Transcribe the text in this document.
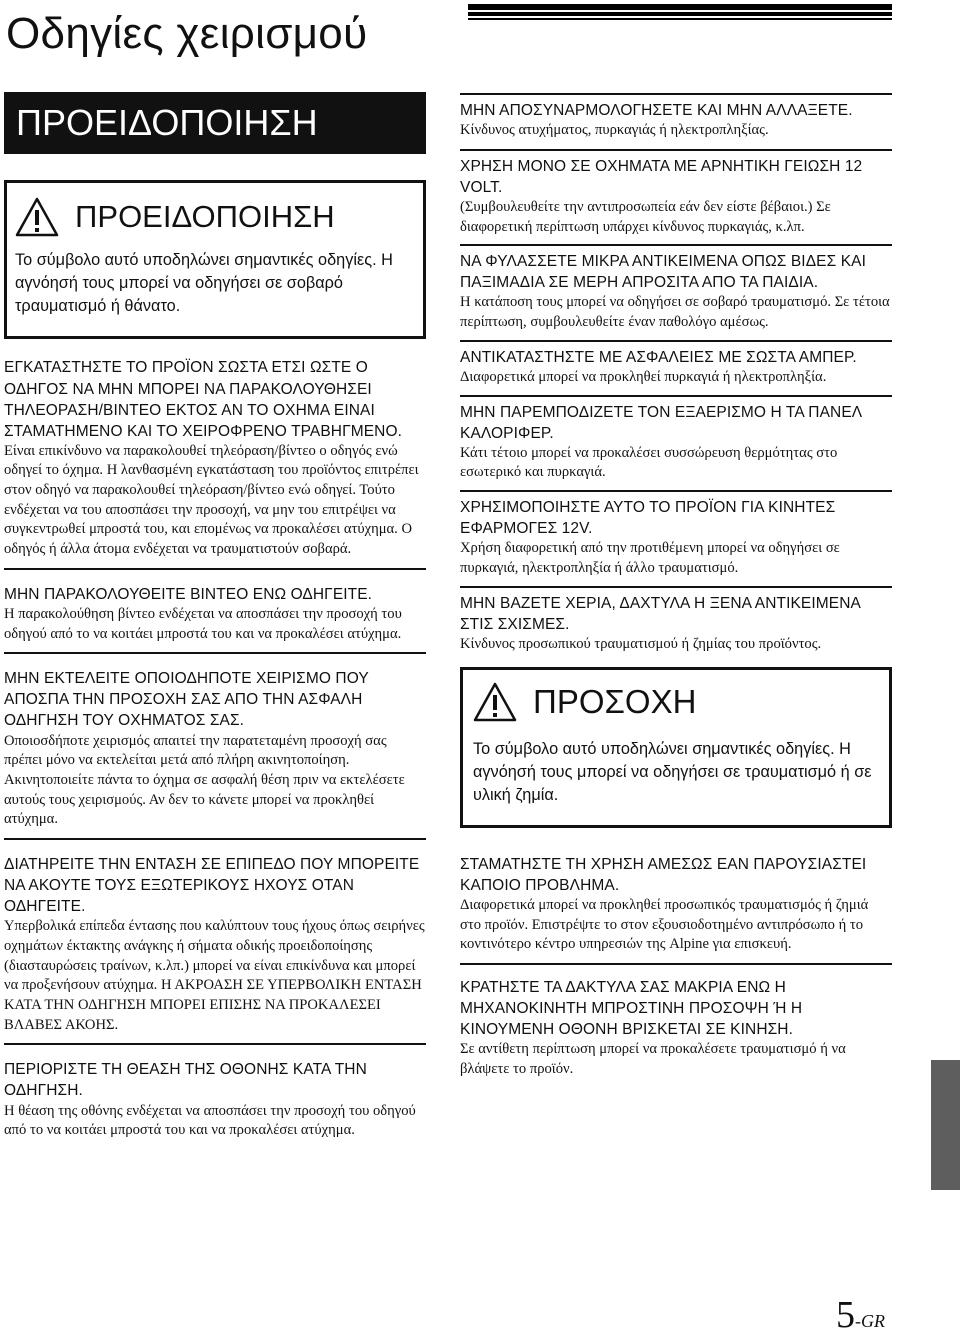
Οδηγίες χειρισμού
ΠΡΟΕΙΔΟΠΟΙΗΣΗ
ΠΡΟΕΙΔΟΠΟΙΗΣΗ
Το σύμβολο αυτό υποδηλώνει σημαντικές οδηγίες. Η αγνόησή τους μπορεί να οδηγήσει σε σοβαρό τραυματισμό ή θάνατο.
ΕΓΚΑΤΑΣΤΗΣΤΕ ΤΟ ΠΡΟΪΟΝ ΣΩΣΤΑ ΕΤΣΙ ΩΣΤΕ Ο ΟΔΗΓΟΣ ΝΑ ΜΗΝ ΜΠΟΡΕΙ ΝΑ ΠΑΡΑΚΟΛΟΥΘΗΣΕΙ ΤΗΛΕΟΡΑΣΗ/ΒΙΝΤΕΟ ΕΚΤΟΣ ΑΝ ΤΟ ΟΧΗΜΑ ΕΙΝΑΙ ΣΤΑΜΑΤΗΜΕΝΟ ΚΑΙ ΤΟ ΧΕΙΡΟΦΡΕΝΟ ΤΡΑΒΗΓΜΕΝΟ.
Είναι επικίνδυνο να παρακολουθεί τηλεόραση/βίντεο ο οδηγός ενώ οδηγεί το όχημα. Η λανθασμένη εγκατάσταση του προϊόντος επιτρέπει στον οδηγό να παρακολουθεί τηλεόραση/βίντεο ενώ οδηγεί. Τούτο ενδέχεται να του αποσπάσει την προσοχή, να μην του επιτρέψει να συγκεντρωθεί μπροστά του, και επομένως να προκαλέσει ατύχημα. Ο οδηγός ή άλλα άτομα ενδέχεται να τραυματιστούν σοβαρά.
ΜΗΝ ΠΑΡΑΚΟΛΟΥΘΕΙΤΕ ΒΙΝΤΕΟ ΕΝΩ ΟΔΗΓΕΙΤΕ.
Η παρακολούθηση βίντεο ενδέχεται να αποσπάσει την προσοχή του οδηγού από το να κοιτάει μπροστά του και να προκαλέσει ατύχημα.
ΜΗΝ ΕΚΤΕΛΕΙΤΕ ΟΠΟΙΟΔΗΠΟΤΕ ΧΕΙΡΙΣΜΟ ΠΟΥ ΑΠΟΣΠΑ ΤΗΝ ΠΡΟΣΟΧΗ ΣΑΣ ΑΠΟ ΤΗΝ ΑΣΦΑΛΗ ΟΔΗΓΗΣΗ ΤΟΥ ΟΧΗΜΑΤΟΣ ΣΑΣ.
Οποιοσδήποτε χειρισμός απαιτεί την παρατεταμένη προσοχή σας πρέπει μόνο να εκτελείται μετά από πλήρη ακινητοποίηση. Ακινητοποιείτε πάντα το όχημα σε ασφαλή θέση πριν να εκτελέσετε αυτούς τους χειρισμούς. Αν δεν το κάνετε μπορεί να προκληθεί ατύχημα.
ΔΙΑΤΗΡΕΙΤΕ ΤΗΝ ΕΝΤΑΣΗ ΣΕ ΕΠΙΠΕΔΟ ΠΟΥ ΜΠΟΡΕΙΤΕ ΝΑ ΑΚΟΥΤΕ ΤΟΥΣ ΕΞΩΤΕΡΙΚΟΥΣ ΗΧΟΥΣ ΟΤΑΝ ΟΔΗΓΕΙΤΕ.
Υπερβολικά επίπεδα έντασης που καλύπτουν τους ήχους όπως σειρήνες οχημάτων έκτακτης ανάγκης ή σήματα οδικής προειδοποίησης (διασταυρώσεις τραίνων, κ.λπ.) μπορεί να είναι επικίνδυνα και μπορεί να προξενήσουν ατύχημα. Η ΑΚΡΟΑΣΗ ΣΕ ΥΠΕΡΒΟΛΙΚΗ ΕΝΤΑΣΗ ΚΑΤΑ ΤΗΝ ΟΔΗΓΗΣΗ ΜΠΟΡΕΙ ΕΠΙΣΗΣ ΝΑ ΠΡΟΚΑΛΕΣΕΙ ΒΛΑΒΕΣ ΑΚΟΗΣ.
ΠΕΡΙΟΡΙΣΤΕ ΤΗ ΘΕΑΣΗ ΤΗΣ ΟΘΟΝΗΣ ΚΑΤΑ ΤΗΝ ΟΔΗΓΗΣΗ.
Η θέαση της οθόνης ενδέχεται να αποσπάσει την προσοχή του οδηγού από το να κοιτάει μπροστά του και να προκαλέσει ατύχημα.
ΜΗΝ ΑΠΟΣΥΝΑΡΜΟΛΟΓΗΣΕΤΕ ΚΑΙ ΜΗΝ ΑΛΛΑΞΕΤΕ.
Κίνδυνος ατυχήματος, πυρκαγιάς ή ηλεκτροπληξίας.
ΧΡΗΣΗ ΜΟΝΟ ΣΕ ΟΧΗΜΑΤΑ ΜΕ ΑΡΝΗΤΙΚΗ ΓΕΙΩΣΗ 12 VOLT.
(Συμβουλευθείτε την αντιπροσωπεία εάν δεν είστε βέβαιοι.) Σε διαφορετική περίπτωση υπάρχει κίνδυνος πυρκαγιάς, κ.λπ.
ΝΑ ΦΥΛΑΣΣΕΤΕ ΜΙΚΡΑ ΑΝΤΙΚΕΙΜΕΝΑ ΟΠΩΣ ΒΙΔΕΣ ΚΑΙ ΠΑΞΙΜΑΔΙΑ ΣΕ ΜΕΡΗ ΑΠΡΟΣΙΤΑ ΑΠΟ ΤΑ ΠΑΙΔΙΑ.
Η κατάποση τους μπορεί να οδηγήσει σε σοβαρό τραυματισμό. Σε τέτοια περίπτωση, συμβουλευθείτε έναν παθολόγο αμέσως.
ΑΝΤΙΚΑΤΑΣΤΗΣΤΕ ΜΕ ΑΣΦΑΛΕΙΕΣ ΜΕ ΣΩΣΤΑ ΑΜΠΕΡ.
Διαφορετικά μπορεί να προκληθεί πυρκαγιά ή ηλεκτροπληξία.
ΜΗΝ ΠΑΡΕΜΠΟΔΙΖΕΤΕ ΤΟΝ ΕΞΑΕΡΙΣΜΟ Η ΤΑ ΠΑΝΕΛ ΚΑΛΟΡΙΦΕΡ.
Κάτι τέτοιο μπορεί να προκαλέσει συσσώρευση θερμότητας στο εσωτερικό και πυρκαγιά.
ΧΡΗΣΙΜΟΠΟΙΗΣΤΕ ΑΥΤΟ ΤΟ ΠΡΟΪΟΝ ΓΙΑ ΚΙΝΗΤΕΣ ΕΦΑΡΜΟΓΕΣ 12V.
Χρήση διαφορετική από την προτιθέμενη μπορεί να οδηγήσει σε πυρκαγιά, ηλεκτροπληξία ή άλλο τραυματισμό.
ΜΗΝ ΒΑΖΕΤΕ ΧΕΡΙΑ, ΔΑΧΤΥΛΑ Η ΞΕΝΑ ΑΝΤΙΚΕΙΜΕΝΑ ΣΤΙΣ ΣΧΙΣΜΕΣ.
Κίνδυνος προσωπικού τραυματισμού ή ζημίας του προϊόντος.
ΠΡΟΣΟΧΗ
Το σύμβολο αυτό υποδηλώνει σημαντικές οδηγίες. Η αγνόησή τους μπορεί να οδηγήσει σε τραυματισμό ή σε υλική ζημία.
ΣΤΑΜΑΤΗΣΤΕ ΤΗ ΧΡΗΣΗ ΑΜΕΣΩΣ ΕΑΝ ΠΑΡΟΥΣΙΑΣΤΕΙ ΚΑΠΟΙΟ ΠΡΟΒΛΗΜΑ.
Διαφορετικά μπορεί να προκληθεί προσωπικός τραυματισμός ή ζημιά στο προϊόν. Επιστρέψτε το στον εξουσιοδοτημένο αντιπρόσωπο ή το κοντινότερο κέντρο υπηρεσιών της Alpine για επισκευή.
ΚΡΑΤΗΣΤΕ ΤΑ ΔΑΚΤΥΛΑ ΣΑΣ ΜΑΚΡΙΑ ΕΝΩ Η ΜΗΧΑΝΟΚΙΝΗΤΗ ΜΠΡΟΣΤΙΝΗ ΠΡΟΣΟΨΗ Ή Η ΚΙΝΟΥΜΕΝΗ ΟΘΟΝΗ ΒΡΙΣΚΕΤΑΙ ΣΕ ΚΙΝΗΣΗ.
Σε αντίθετη περίπτωση μπορεί να προκαλέσετε τραυματισμό ή να βλάψετε το προϊόν.
5-GR
